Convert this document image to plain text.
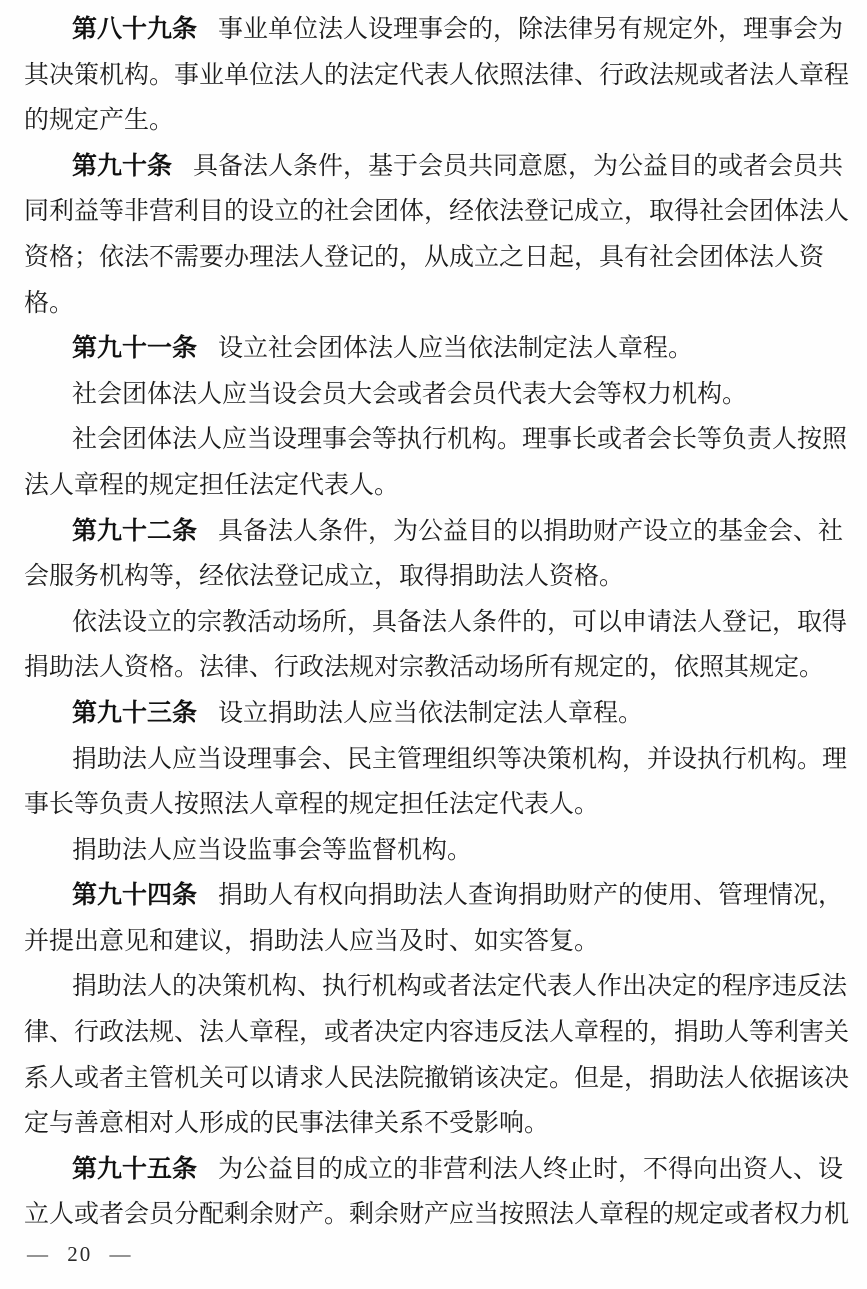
第八十九条 事业单位法人设理事会的，除法律另有规定外，理事会为
其决策机构。事业单位法人的法定代表人依照法律、行政法规或者法人章程
的规定产生。
第九十条 具备法人条件，基于会员共同意愿，为公益目的或者会员共
同利益等非营利目的设立的社会团体，经依法登记成立，取得社会团体法人
资格；依法不需要办理法人登记的，从成立之日起，具有社会团体法人资
格。
第九十一条 设立社会团体法人应当依法制定法人章程。
社会团体法人应当设会员大会或者会员代表大会等权力机构。
社会团体法人应当设理事会等执行机构。理事长或者会长等负责人按照
法人章程的规定担任法定代表人。
第九十二条 具备法人条件，为公益目的以捐助财产设立的基金会、社
会服务机构等，经依法登记成立，取得捐助法人资格。
依法设立的宗教活动场所，具备法人条件的，可以申请法人登记，取得
捐助法人资格。法律、行政法规对宗教活动场所有规定的，依照其规定。
第九十三条 设立捐助法人应当依法制定法人章程。
捐助法人应当设理事会、民主管理组织等决策机构，并设执行机构。理
事长等负责人按照法人章程的规定担任法定代表人。
捐助法人应当设监事会等监督机构。
第九十四条 捐助人有权向捐助法人查询捐助财产的使用、管理情况，
并提出意见和建议，捐助法人应当及时、如实答复。
捐助法人的决策机构、执行机构或者法定代表人作出决定的程序违反法
律、行政法规、法人章程，或者决定内容违反法人章程的，捐助人等利害关
系人或者主管机关可以请求人民法院撤销该决定。但是，捐助法人依据该决
定与善意相对人形成的民事法律关系不受影响。
第九十五条 为公益目的成立的非营利法人终止时，不得向出资人、设
立人或者会员分配剩余财产。剩余财产应当按照法人章程的规定或者权力机
— 20 —
